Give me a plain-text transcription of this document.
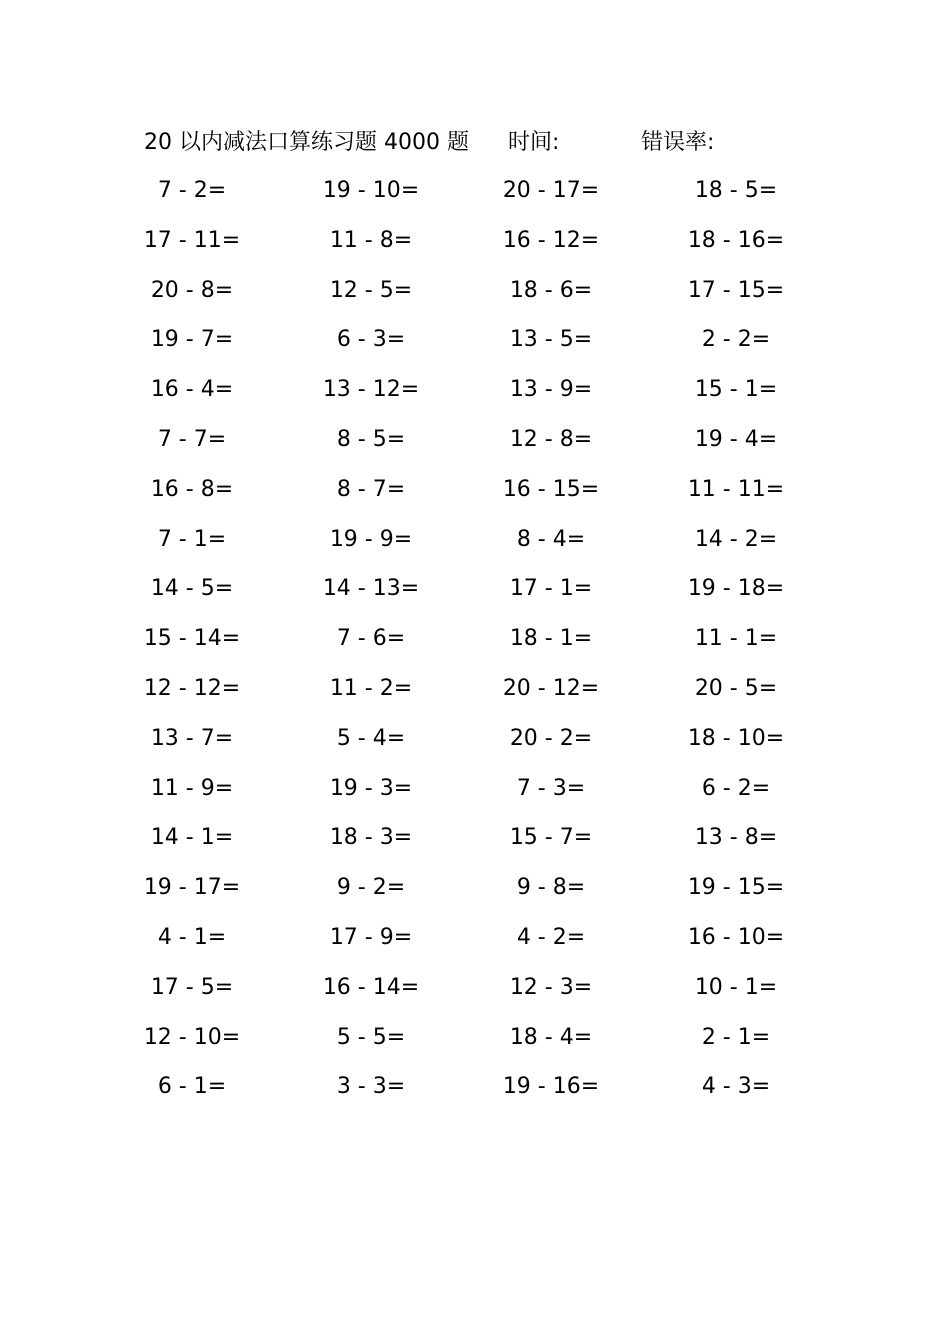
20 以内减法口算练习题 4000 题 时间:	错误率:
7 - 2=	19 - 10=	20 - 17=	18 - 5=
17 - 11=	11 - 8=	16 - 12=	18 - 16=
20 - 8=	12 - 5=	18 - 6=	17 - 15=
19 - 7=	6 - 3=	13 - 5=	2 - 2=
16 - 4=	13 - 12=	13 - 9=	15 - 1=
7 - 7=	8 - 5=	12 - 8=	19 - 4=
16 - 8=	8 - 7=	16 - 15=	11 - 11=
7 - 1=	19 - 9=	8 - 4=	14 - 2=
14 - 5=	14 - 13=	17 - 1=	19 - 18=
15 - 14=	7 - 6=	18 - 1=	11 - 1=
12 - 12=	11 - 2=	20 - 12=	20 - 5=
13 - 7=	5 - 4=	20 - 2=	18 - 10=
11 - 9=	19 - 3=	7 - 3=	6 - 2=
14 - 1=	18 - 3=	15 - 7=	13 - 8=
19 - 17=	9 - 2=	9 - 8=	19 - 15=
4 - 1=	17 - 9=	4 - 2=	16 - 10=
17 - 5=	16 - 14=	12 - 3=	10 - 1=
12 - 10=	5 - 5=	18 - 4=	2 - 1=
6 - 1=	3 - 3=	19 - 16=	4 - 3=
